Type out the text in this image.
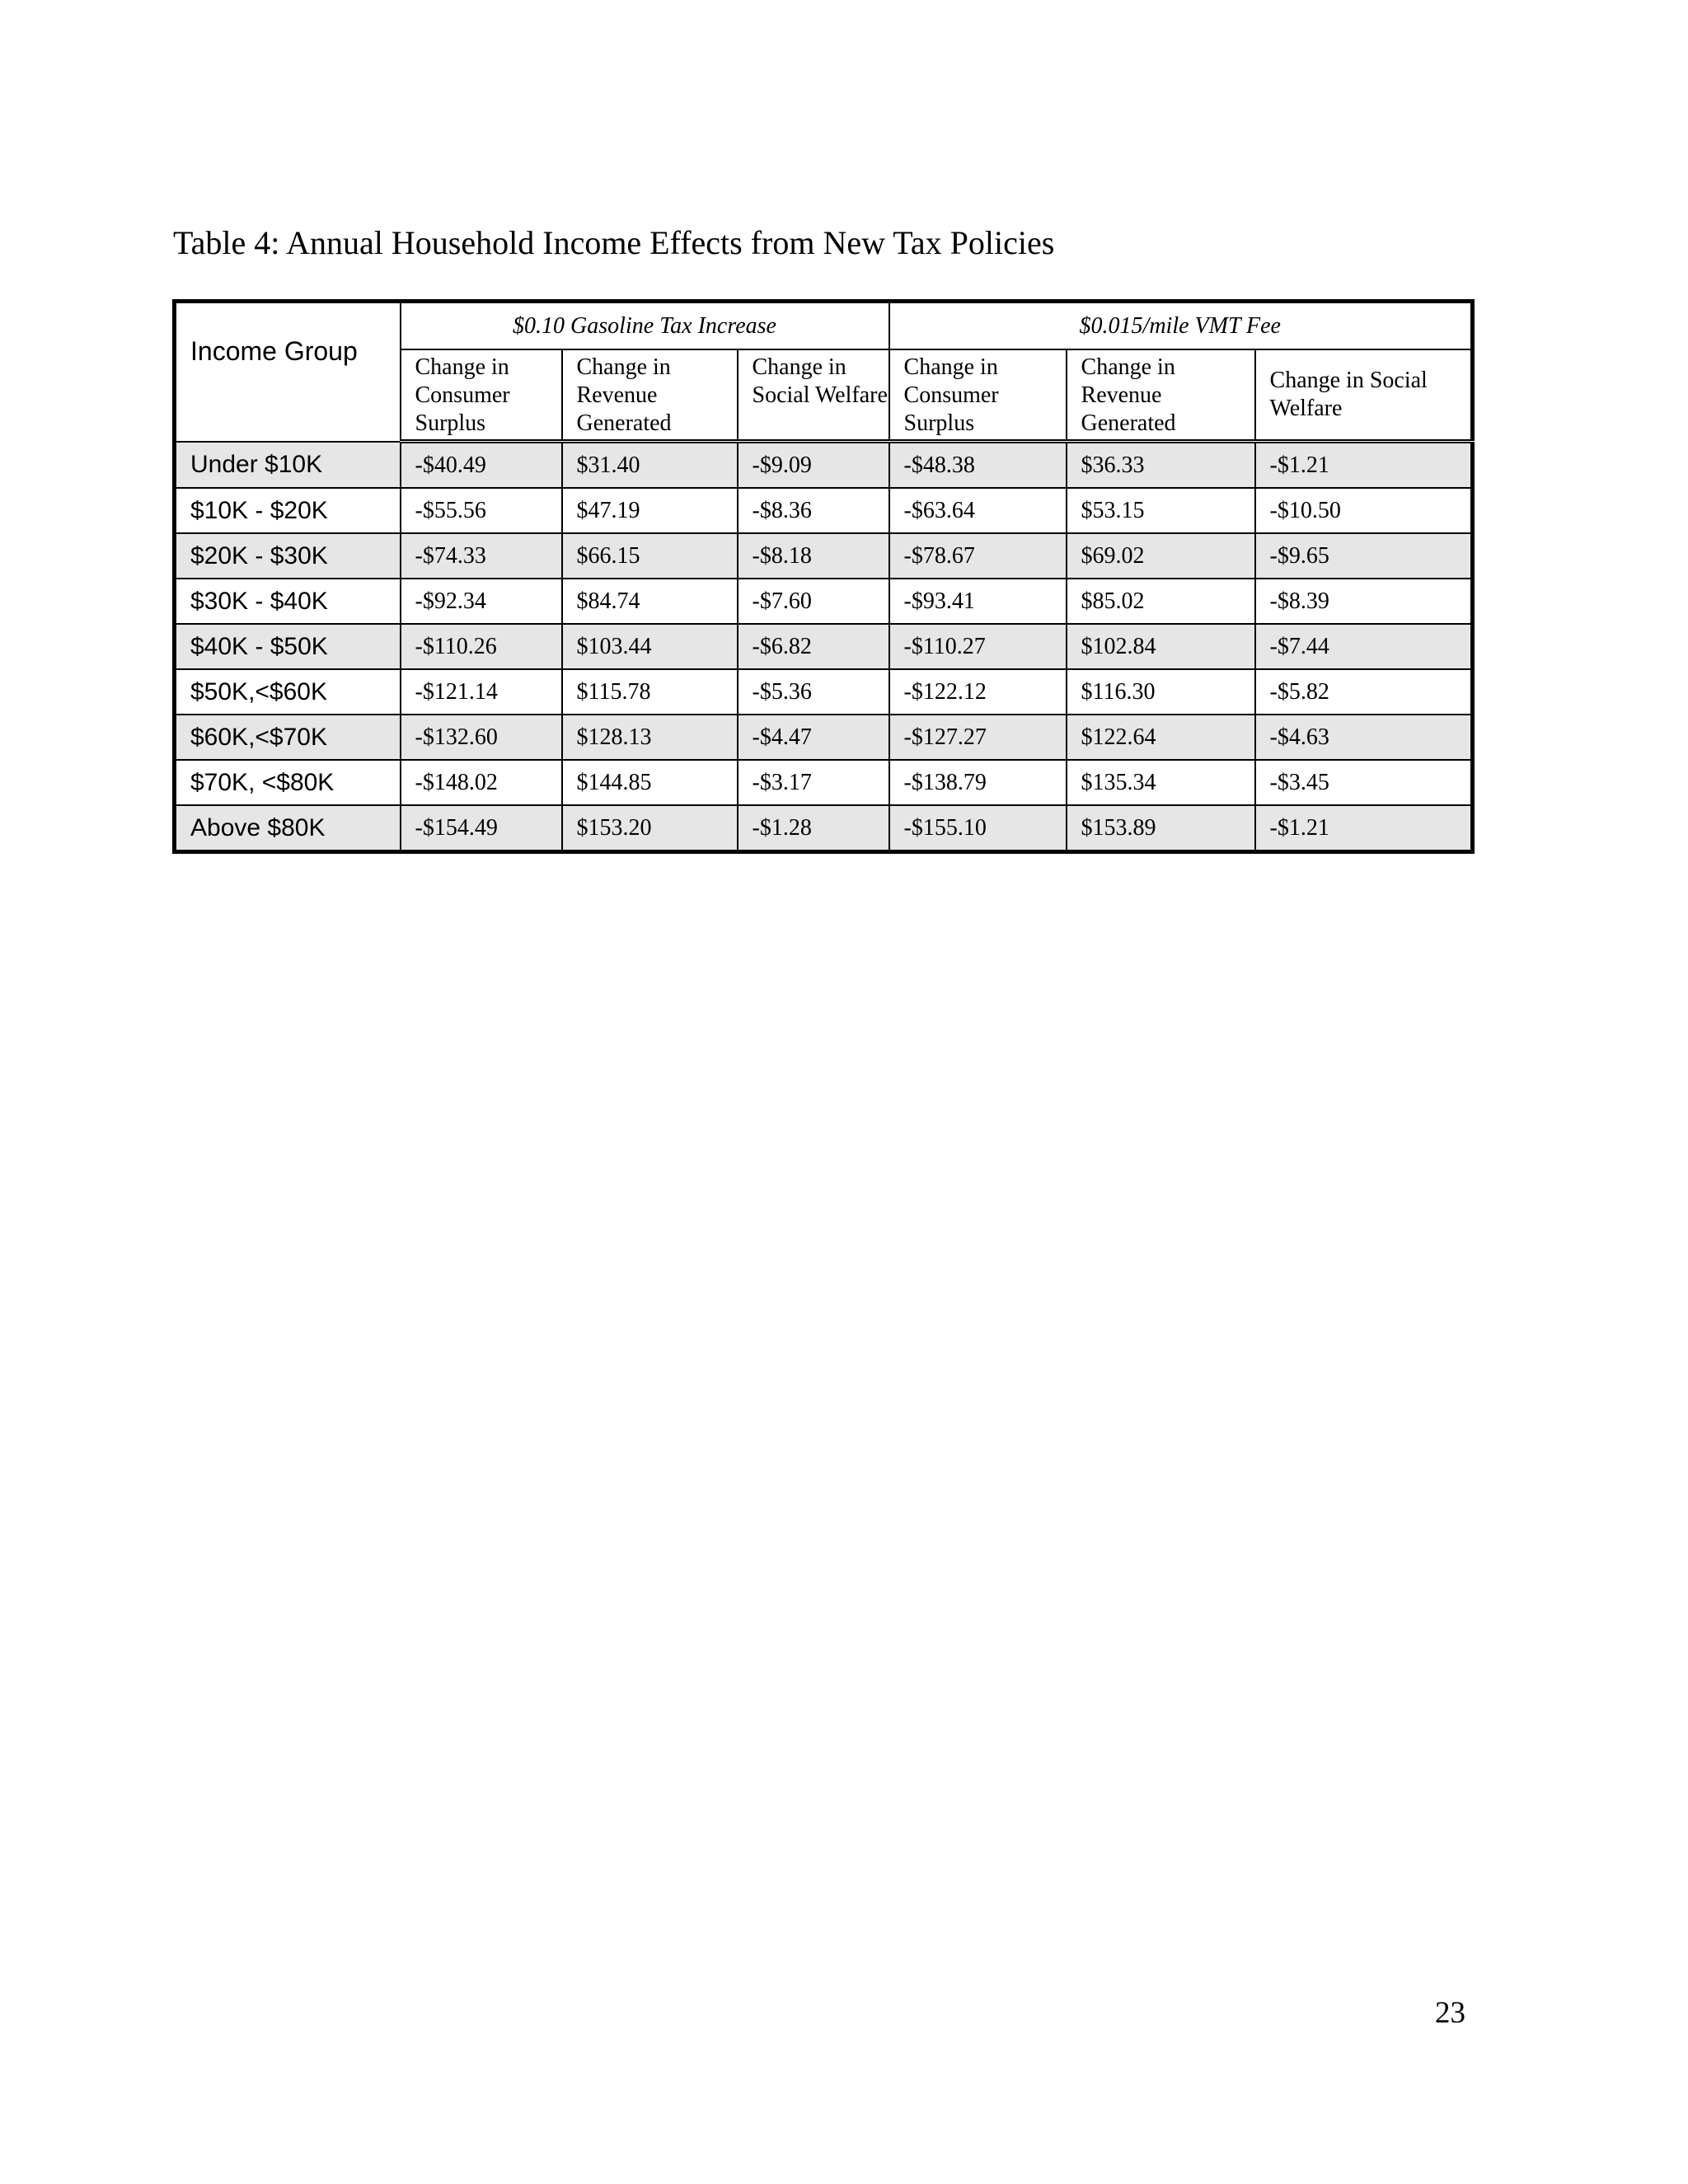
Table 4: Annual Household Income Effects from New Tax Policies
Income Group	$0.10 Gasoline Tax Increase			$0.015/mile VMT Fee		
	Change in Consumer Surplus	Change in Revenue Generated	Change in Social Welfare	Change in Consumer Surplus	Change in Revenue Generated	Change in Social Welfare
Under $10K	-$40.49	$31.40	-$9.09	-$48.38	$36.33	-$1.21
$10K - $20K	-$55.56	$47.19	-$8.36	-$63.64	$53.15	-$10.50
$20K - $30K	-$74.33	$66.15	-$8.18	-$78.67	$69.02	-$9.65
$30K - $40K	-$92.34	$84.74	-$7.60	-$93.41	$85.02	-$8.39
$40K - $50K	-$110.26	$103.44	-$6.82	-$110.27	$102.84	-$7.44
$50K,<$60K	-$121.14	$115.78	-$5.36	-$122.12	$116.30	-$5.82
$60K,<$70K	-$132.60	$128.13	-$4.47	-$127.27	$122.64	-$4.63
$70K, <$80K	-$148.02	$144.85	-$3.17	-$138.79	$135.34	-$3.45
Above $80K	-$154.49	$153.20	-$1.28	-$155.10	$153.89	-$1.21
23
